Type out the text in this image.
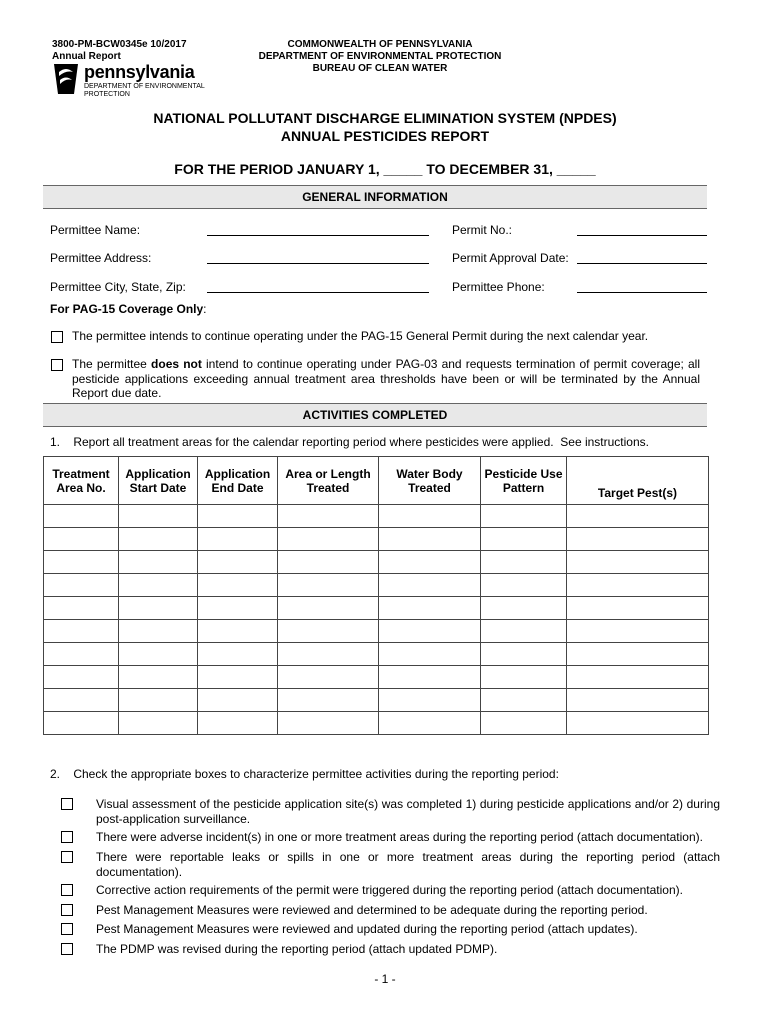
3800-PM-BCW0345e 10/2017
Annual Report
pennsylvania
DEPARTMENT OF ENVIRONMENTAL
PROTECTION
COMMONWEALTH OF PENNSYLVANIA
DEPARTMENT OF ENVIRONMENTAL PROTECTION
BUREAU OF CLEAN WATER
NATIONAL POLLUTANT DISCHARGE ELIMINATION SYSTEM (NPDES)
ANNUAL PESTICIDES REPORT
FOR THE PERIOD JANUARY 1, _____ TO DECEMBER 31, _____
GENERAL INFORMATION
Permittee Name:	Permit No.:
Permittee Address:	Permit Approval Date:
Permittee City, State, Zip:	Permittee Phone:
For PAG-15 Coverage Only:
The permittee intends to continue operating under the PAG-15 General Permit during the next calendar year.
The permittee does not intend to continue operating under PAG-03 and requests termination of permit coverage; all pesticide applications exceeding annual treatment area thresholds have been or will be terminated by the Annual Report due date.
ACTIVITIES COMPLETED
1.    Report all treatment areas for the calendar reporting period where pesticides were applied.  See instructions.
Treatment Area No.	Application Start Date	Application End Date	Area or Length Treated	Water Body Treated	Pesticide Use Pattern	Target Pest(s)

2.    Check the appropriate boxes to characterize permittee activities during the reporting period:
Visual assessment of the pesticide application site(s) was completed 1) during pesticide applications and/or 2) during post-application surveillance.
There were adverse incident(s) in one or more treatment areas during the reporting period (attach documentation).
There were reportable leaks or spills in one or more treatment areas during the reporting period (attach documentation).
Corrective action requirements of the permit were triggered during the reporting period (attach documentation).
Pest Management Measures were reviewed and determined to be adequate during the reporting period.
Pest Management Measures were reviewed and updated during the reporting period (attach updates).
The PDMP was revised during the reporting period (attach updated PDMP).
- 1 -
